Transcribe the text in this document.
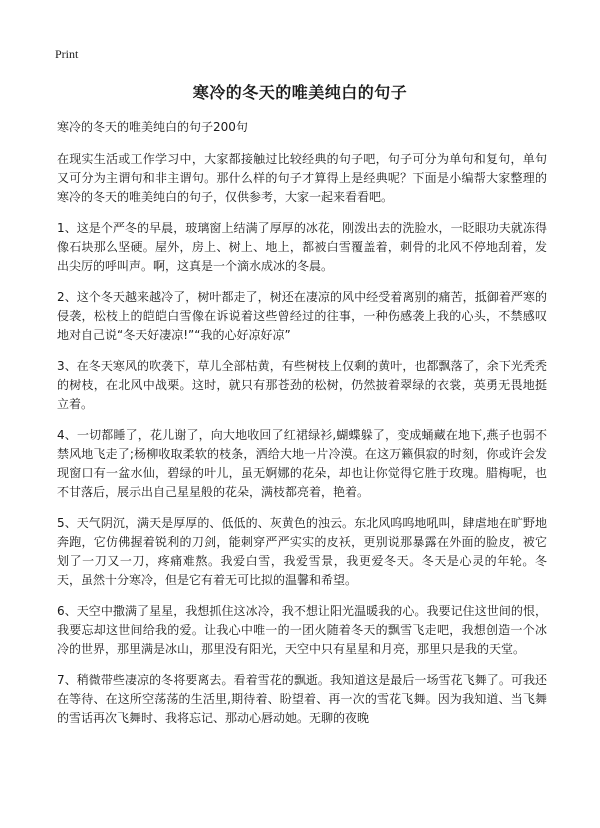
Print
寒冷的冬天的唯美纯白的句子

寒冷的冬天的唯美纯白的句子200句

在现实生活或工作学习中，大家都接触过比较经典的句子吧，句子可分为单句和复句，单句又可分为主谓句和非主谓句。那什么样的句子才算得上是经典呢？下面是小编帮大家整理的寒冷的冬天的唯美纯白的句子，仅供参考，大家一起来看看吧。

1、这是个严冬的早晨，玻璃窗上结满了厚厚的冰花，刚泼出去的洗脸水，一眨眼功夫就冻得像石块那么坚硬。屋外，房上、树上、地上，都被白雪覆盖着，刺骨的北风不停地刮着，发出尖厉的呼叫声。啊，这真是一个滴水成冰的冬晨。

2、这个冬天越来越冷了，树叶都走了，树还在凄凉的风中经受着离别的痛苦，抵御着严寒的侵袭，松枝上的皑皑白雪像在诉说着这些曾经过的往事，一种伤感袭上我的心头，不禁感叹地对自己说“冬天好凄凉!”“我的心好凉好凉”

3、在冬天寒风的吹袭下，草儿全部枯黄，有些树枝上仅剩的黄叶，也都飘落了，余下光秃秃的树枝，在北风中战栗。这时，就只有那苍劲的松树，仍然披着翠绿的衣裳，英勇无畏地挺立着。

4、一切都睡了，花儿谢了，向大地收回了红裙绿衫,蝴蝶躲了，变成蛹藏在地下,燕子也弱不禁风地飞走了;杨柳收取柔软的枝条，洒给大地一片冷漠。在这万籁俱寂的时刻，你或许会发现窗口有一盆水仙，碧绿的叶儿，虽无婀娜的花朵，却也让你觉得它胜于玫瑰。腊梅呢，也不甘落后，展示出自己星星般的花朵，满枝都亮着，艳着。

5、天气阴沉，满天是厚厚的、低低的、灰黄色的浊云。东北风呜呜地吼叫，肆虐地在旷野地奔跑，它仿佛握着锐利的刀剑，能刺穿严严实实的皮袄，更别说那暴露在外面的脸皮，被它划了一刀又一刀，疼痛难熬。我爱白雪，我爱雪景，我更爱冬天。冬天是心灵的年轮。冬天，虽然十分寒冷，但是它有着无可比拟的温馨和希望。

6、天空中撒满了星星，我想抓住这冰冷，我不想让阳光温暖我的心。我要记住这世间的恨，我要忘却这世间给我的爱。让我心中唯一的一团火随着冬天的飘雪飞走吧，我想创造一个冰冷的世界，那里满是冰山，那里没有阳光，天空中只有星星和月亮，那里只是我的天堂。

7、稍微带些凄凉的冬将要离去。看着雪花的飘逝。我知道这是最后一场雪花飞舞了。可我还在等待、在这所空荡荡的生活里,期待着、盼望着、再一次的雪花飞舞。因为我知道、当飞舞的雪话再次飞舞时、我将忘记、那动心唇动她。无聊的夜晚
